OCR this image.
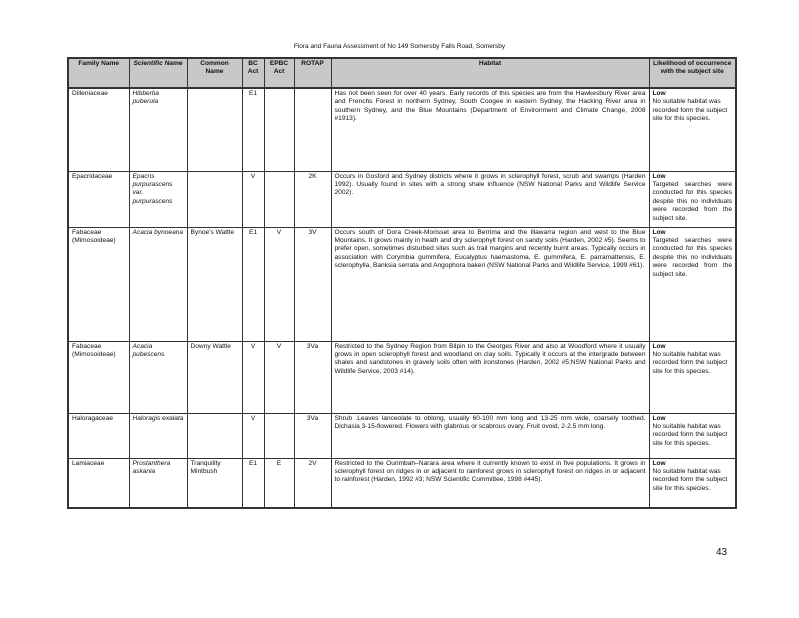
Flora and Fauna Assessment of No 149 Somersby Falls Road, Somersby
Family Name	Scientific Name	Common Name	BC Act	EPBC Act	ROTAP	Habitat	Likelihood of occurrence with the subject site
Dilleniaceae	Hibbertia puberula		E1			Has not been seen for over 40 years. Early records of this species are from the Hawkesbury River area and Frenchs Forest in northern Sydney, South Coogee in eastern Sydney, the Hacking River area in southern Sydney, and the Blue Mountains (Department of Environment and Climate Change, 2008 #1913).	Low
No suitable habitat was recorded form the subject site for this species.
Epacridaceae	Epacris purpurascens var. purpurascens		V		2K	Occurs in Gosford and Sydney districts where it grows in sclerophyll forest, scrub and swamps (Harden 1992). Usually found in sites with a strong shale influence (NSW National Parks and Wildlife Service 2002).	Low
Targeted searches were conducted for this species despite this no individuals were recorded from the subject site.
Fabaceae (Mimosoideae)	Acacia bynoeana	Bynoe's Wattle	E1	V	3V	Occurs south of Dora Creek-Morisset area to Berrima and the Illawarra region and west to the Blue Mountains. It grows mainly in heath and dry sclerophyll forest on sandy soils (Harden, 2002 #5). Seems to prefer open, sometimes disturbed sites such as trail margins and recently burnt areas. Typically occurs in association with Corymbia gummifera, Eucalyptus haemastoma, E. gummifera, E. parramattensis, E. sclerophylla, Banksia serrata and Angophora bakeri (NSW National Parks and Wildlife Service, 1999 #61).	Low
Targeted searches were conducted for this species despite this no individuals were recorded from the subject site.
Fabaceae (Mimosoideae)	Acacia pubescens	Downy Wattle	V	V	3Va	Restricted to the Sydney Region from Bilpin to the Georges River and also at Woodford where it usually grows in open sclerophyll forest and woodland on clay soils. Typically it occurs at the intergrade between shales and sandstones in gravely soils often with ironstones (Harden, 2002 #5;NSW National Parks and Wildlife Service, 2003 #14).	Low
No suitable habitat was recorded form the subject site for this species.
Haloragaceae	Haloragis exalata		V		3Va	Shrub .Leaves lanceolate to oblong, usually 60-100 mm long and 13-25 mm wide, coarsely toothed. Dichasia 3-15-flowered. Flowers with glabrous or scabrous ovary. Fruit ovoid, 2-2.5 mm long.	Low
No suitable habitat was recorded form the subject site for this species.
Lamiaceae	Prostanthera askania	Tranquility Mintbush	E1	E	2V	Restricted to the Ourimbah–Narara area where it currently known to exist in five populations. It grows in sclerophyll forest on ridges in or adjacent to rainforest grows in sclerophyll forest on ridges in or adjacent to rainforest (Harden, 1992 #3; NSW Scientific Committee, 1998 #445).	Low
No suitable habitat was recorded form the subject site for this species.
43
